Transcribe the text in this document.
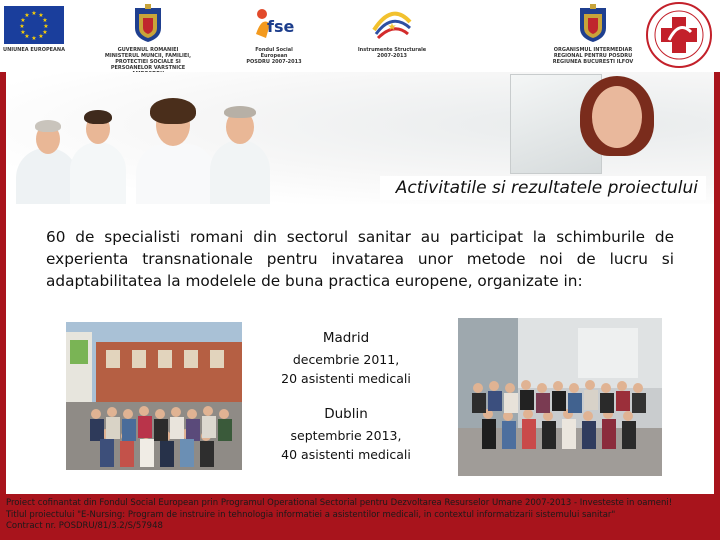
★ ★
★
★
★
★
★
★
★
★
★
★
UNIUNEA EUROPEANA	GUVERNUL ROMANIEI
MINISTERUL MUNCII, FAMILIEI,
PROTECTIEI SOCIALE SI
PERSOANELOR VARSTNICE
fse
Fondul Social European
POSDRU 2007-2013
★
Instrumente Structurale
2007-2013
ORGANISMUL INTERMEDIAR
REGIONAL PENTRU POSDRU
REGIUNEA BUCURESTI ILFOV
Activitatile si rezultatele proiectului

60 de specialisti romani din sectorul sanitar au participat la schimburile de experienta transnationale pentru invatarea unor metode noi de lucru si adaptabilitatea la modelele de buna practica europene, organizate in:

Madrid
decembrie 2011,
20 asistenti medicali
Dublin
septembrie 2013,
40 asistenti medicali
Proiect cofinantat din Fondul Social European prin Programul Operational Sectorial pentru Dezvoltarea Resurselor Umane 2007-2013 - Investeste in oameni!
Titlul proiectului "E-Nursing: Program de instruire in tehnologia informatiei a asistentilor medicali, in contextul informatizarii sistemului sanitar"
Contract nr. POSDRU/81/3.2/S/57948
